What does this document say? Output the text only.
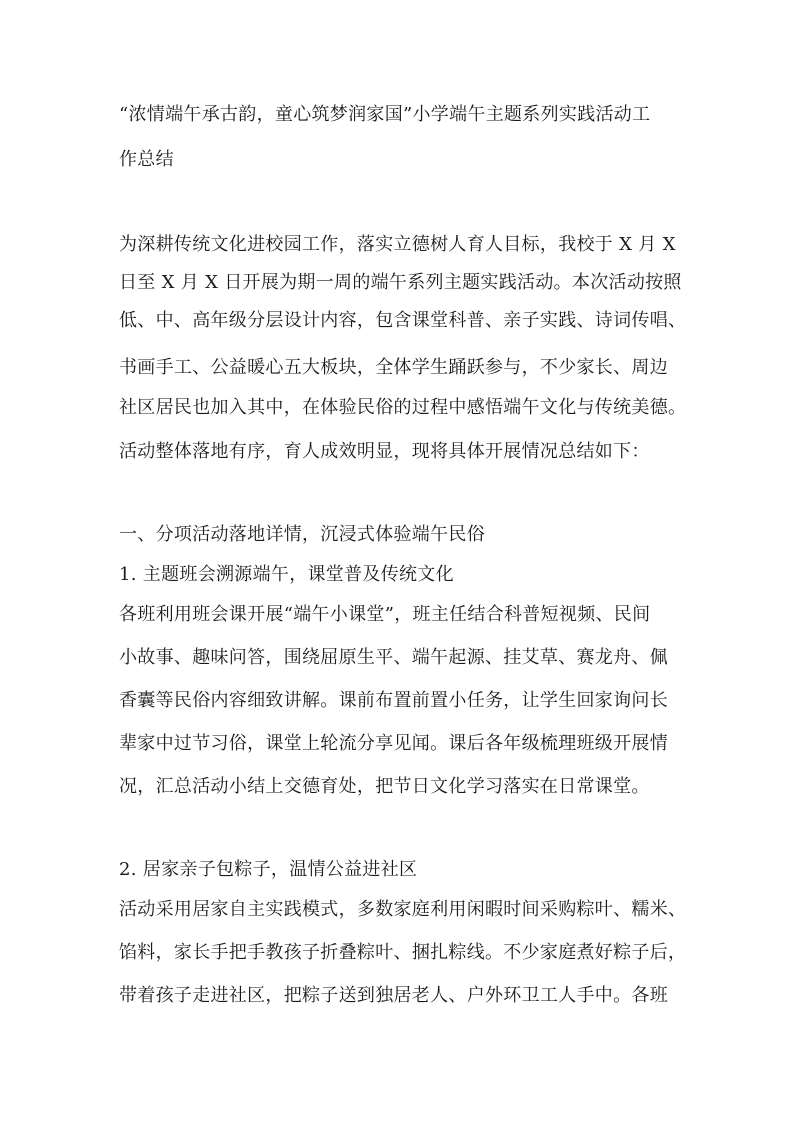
“浓情端午承古韵，童心筑梦润家国”小学端午主题系列实践活动工
作总结
为深耕传统文化进校园工作，落实立德树人育人目标，我校于 X 月 X
日至 X 月 X 日开展为期一周的端午系列主题实践活动。本次活动按照
低、中、高年级分层设计内容，包含课堂科普、亲子实践、诗词传唱、
书画手工、公益暖心五大板块，全体学生踊跃参与，不少家长、周边
社区居民也加入其中，在体验民俗的过程中感悟端午文化与传统美德。
活动整体落地有序，育人成效明显，现将具体开展情况总结如下：
一、分项活动落地详情，沉浸式体验端午民俗
1. 主题班会溯源端午，课堂普及传统文化
各班利用班会课开展“端午小课堂”，班主任结合科普短视频、民间
小故事、趣味问答，围绕屈原生平、端午起源、挂艾草、赛龙舟、佩
香囊等民俗内容细致讲解。课前布置前置小任务，让学生回家询问长
辈家中过节习俗，课堂上轮流分享见闻。课后各年级梳理班级开展情
况，汇总活动小结上交德育处，把节日文化学习落实在日常课堂。
2. 居家亲子包粽子，温情公益进社区
活动采用居家自主实践模式，多数家庭利用闲暇时间采购粽叶、糯米、
馅料，家长手把手教孩子折叠粽叶、捆扎粽线。不少家庭煮好粽子后，
带着孩子走进社区，把粽子送到独居老人、户外环卫工人手中。各班
